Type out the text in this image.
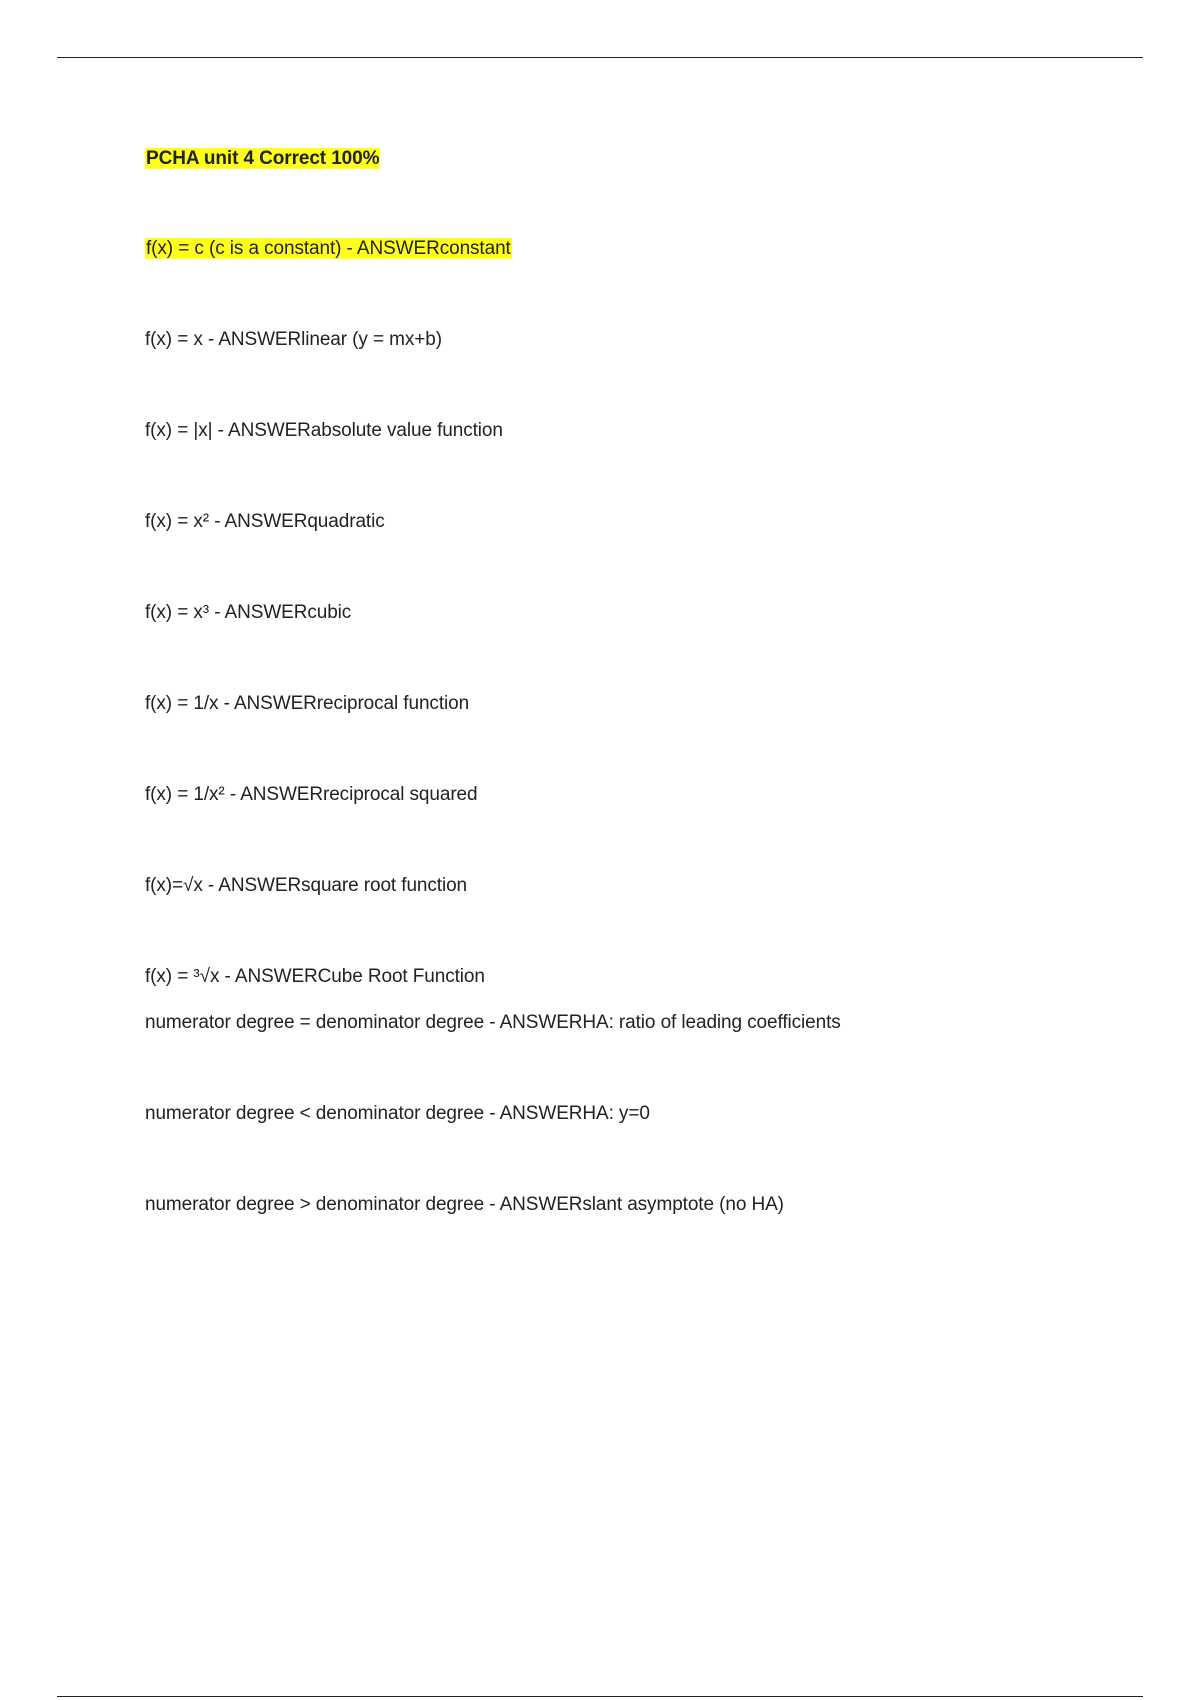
PCHA unit 4 Correct 100%
f(x) = c (c is a constant) - ANSWERconstant
f(x) = x - ANSWERlinear (y = mx+b)
f(x) = |x| - ANSWERabsolute value function
f(x) = x² - ANSWERquadratic
f(x) = x³ - ANSWERcubic
f(x) = 1/x - ANSWERreciprocal function
f(x) = 1/x² - ANSWERreciprocal squared
f(x)=√x - ANSWERsquare root function
f(x) = ³√x - ANSWERCube Root Function
numerator degree = denominator degree - ANSWERHA: ratio of leading coefficients
numerator degree < denominator degree - ANSWERHA: y=0
numerator degree > denominator degree - ANSWERslant asymptote (no HA)
